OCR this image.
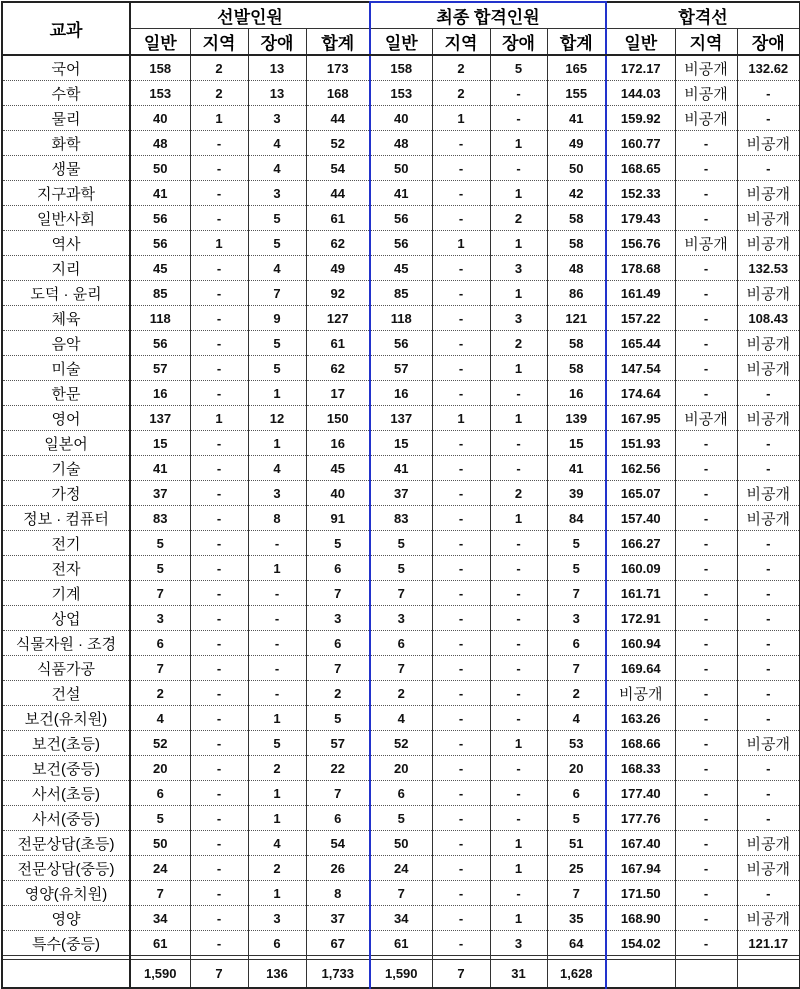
교과	선발인원				최종 합격인원				합격선		
	일반	지역	장애	합계	일반	지역	장애	합계	일반	지역	장애
국어	158	2	13	173	158	2	5	165	172.17	비공개	132.62
수학	153	2	13	168	153	2	-	155	144.03	비공개	-
물리	40	1	3	44	40	1	-	41	159.92	비공개	-
화학	48	-	4	52	48	-	1	49	160.77	-	비공개
생물	50	-	4	54	50	-	-	50	168.65	-	-
지구과학	41	-	3	44	41	-	1	42	152.33	-	비공개
일반사회	56	-	5	61	56	-	2	58	179.43	-	비공개
역사	56	1	5	62	56	1	1	58	156.76	비공개	비공개
지리	45	-	4	49	45	-	3	48	178.68	-	132.53
도덕 · 윤리	85	-	7	92	85	-	1	86	161.49	-	비공개
체육	118	-	9	127	118	-	3	121	157.22	-	108.43
음악	56	-	5	61	56	-	2	58	165.44	-	비공개
미술	57	-	5	62	57	-	1	58	147.54	-	비공개
한문	16	-	1	17	16	-	-	16	174.64	-	-
영어	137	1	12	150	137	1	1	139	167.95	비공개	비공개
일본어	15	-	1	16	15	-	-	15	151.93	-	-
기술	41	-	4	45	41	-	-	41	162.56	-	-
가정	37	-	3	40	37	-	2	39	165.07	-	비공개
정보 · 컴퓨터	83	-	8	91	83	-	1	84	157.40	-	비공개
전기	5	-	-	5	5	-	-	5	166.27	-	-
전자	5	-	1	6	5	-	-	5	160.09	-	-
기계	7	-	-	7	7	-	-	7	161.71	-	-
상업	3	-	-	3	3	-	-	3	172.91	-	-
식물자원 · 조경	6	-	-	6	6	-	-	6	160.94	-	-
식품가공	7	-	-	7	7	-	-	7	169.64	-	-
건설	2	-	-	2	2	-	-	2	비공개	-	-
보건(유치원)	4	-	1	5	4	-	-	4	163.26	-	-
보건(초등)	52	-	5	57	52	-	1	53	168.66	-	비공개
보건(중등)	20	-	2	22	20	-	-	20	168.33	-	-
사서(초등)	6	-	1	7	6	-	-	6	177.40	-	-
사서(중등)	5	-	1	6	5	-	-	5	177.76	-	-
전문상담(초등)	50	-	4	54	50	-	1	51	167.40	-	비공개
전문상담(중등)	24	-	2	26	24	-	1	25	167.94	-	비공개
영양(유치원)	7	-	1	8	7	-	-	7	171.50	-	-
영양	34	-	3	37	34	-	1	35	168.90	-	비공개
특수(중등)	61	-	6	67	61	-	3	64	154.02	-	121.17

	1,590	7	136	1,733	1,590	7	31	1,628			
